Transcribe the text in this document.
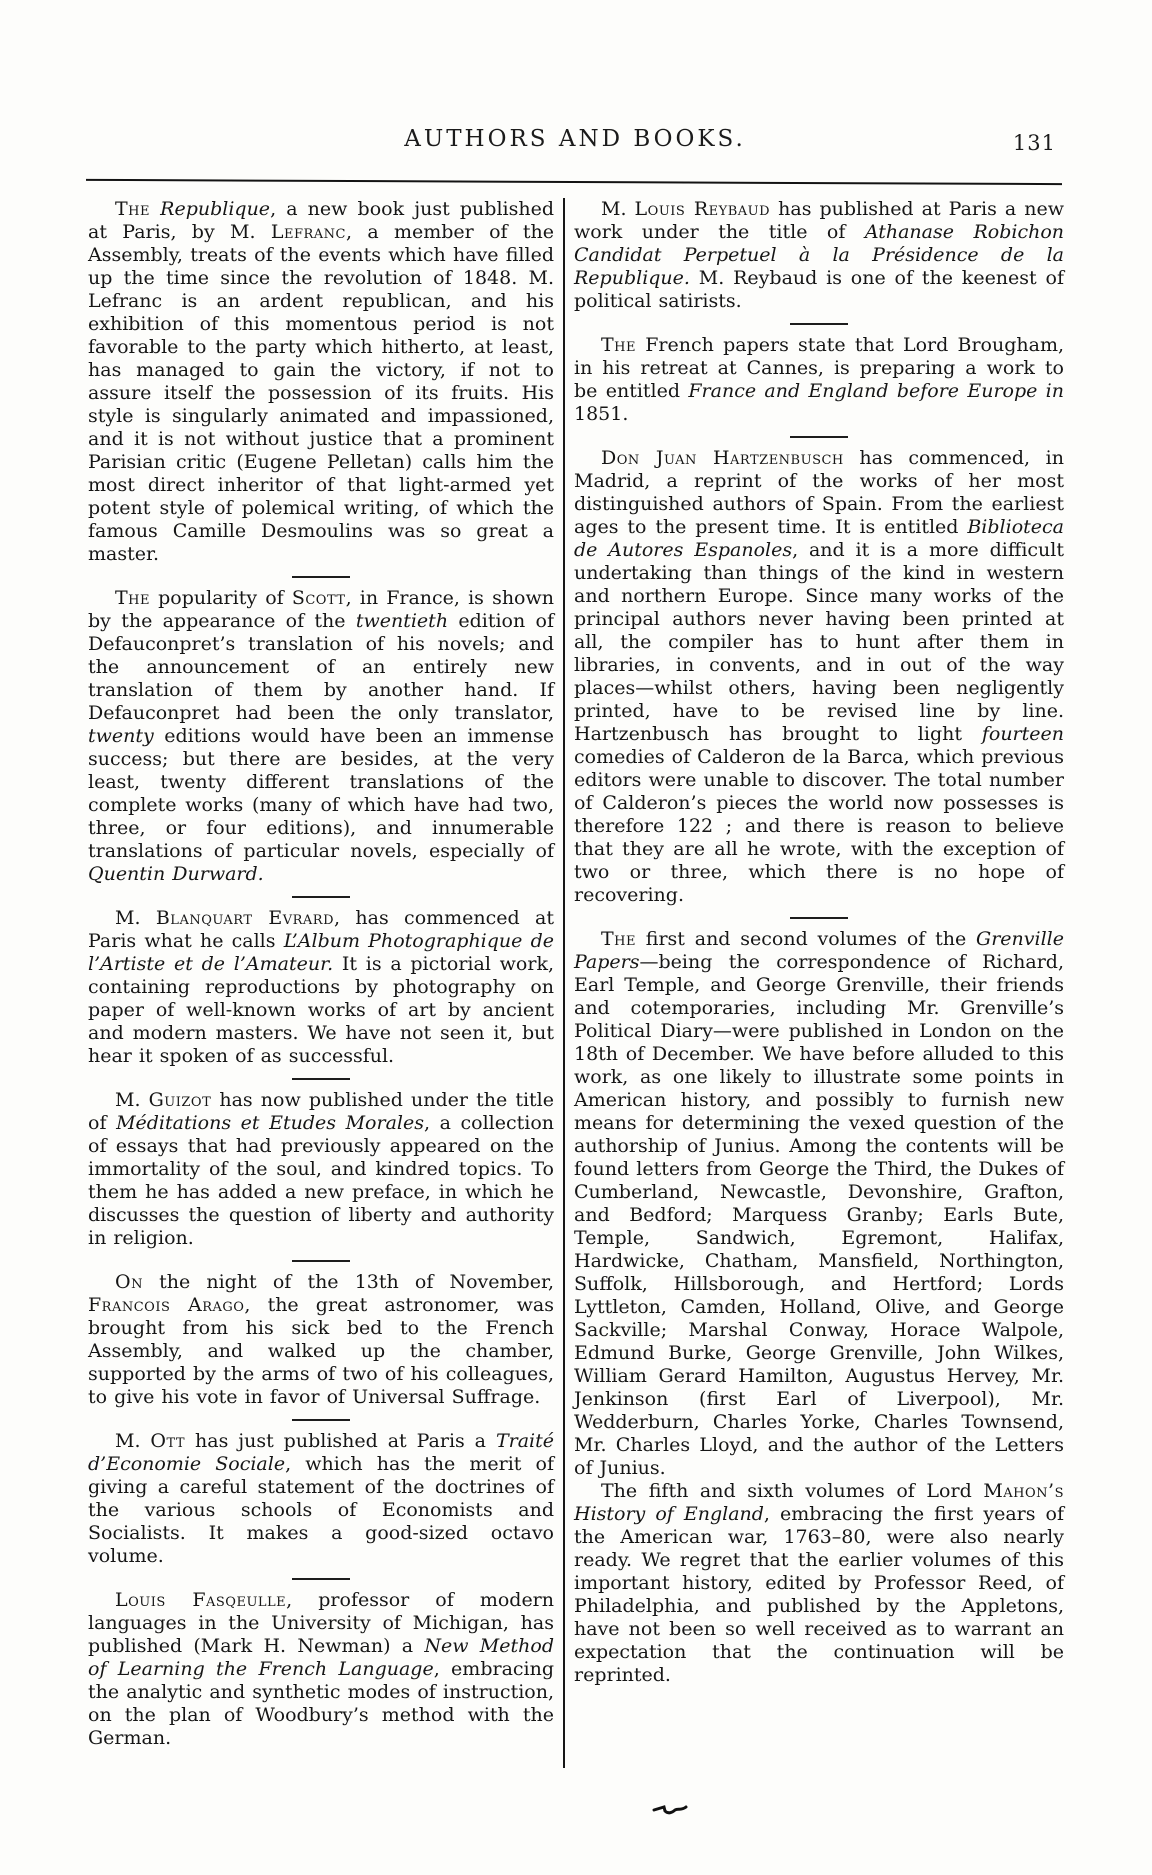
AUTHORS AND BOOKS.	131

The Republique, a new book just published at Paris, by M. Lefranc, a member of the Assembly, treats of the events which have filled up the time since the revolution of 1848. M. Lefranc is an ardent republican, and his exhibition of this momentous period is not favorable to the party which hitherto, at least, has managed to gain the victory, if not to assure itself the possession of its fruits. His style is singularly animated and impassioned, and it is not without justice that a prominent Parisian critic (Eugene Pelletan) calls him the most direct inheritor of that light-armed yet potent style of polemical writing, of which the famous Camille Desmoulins was so great a master.

The popularity of Scott, in France, is shown by the appearance of the twentieth edition of Defauconpret’s translation of his novels; and the announcement of an entirely new translation of them by another hand. If Defauconpret had been the only translator, twenty editions would have been an immense success; but there are besides, at the very least, twenty different translations of the complete works (many of which have had two, three, or four editions), and innumerable translations of particular novels, especially of Quentin Durward.

M. Blanquart Evrard, has commenced at Paris what he calls L’Album Photographique de l’Artiste et de l’Amateur. It is a pictorial work, containing reproductions by photography on paper of well-known works of art by ancient and modern masters. We have not seen it, but hear it spoken of as successful.

M. Guizot has now published under the title of Méditations et Etudes Morales, a collection of essays that had previously appeared on the immortality of the soul, and kindred topics. To them he has added a new preface, in which he discusses the question of liberty and authority in religion.

On the night of the 13th of November, Francois Arago, the great astronomer, was brought from his sick bed to the French Assembly, and walked up the chamber, supported by the arms of two of his colleagues, to give his vote in favor of Universal Suffrage.

M. Ott has just published at Paris a Traité d’Economie Sociale, which has the merit of giving a careful statement of the doctrines of the various schools of Economists and Socialists. It makes a good-sized octavo volume.

Louis Fasqeulle, professor of modern languages in the University of Michigan, has published (Mark H. Newman) a New Method of Learning the French Language, embracing the analytic and synthetic modes of instruction, on the plan of Woodbury’s method with the German.

M. Louis Reybaud has published at Paris a new work under the title of Athanase Robichon Candidat Perpetuel à la Présidence de la Republique. M. Reybaud is one of the keenest of political satirists.

The French papers state that Lord Brougham, in his retreat at Cannes, is preparing a work to be entitled France and England before Europe in 1851.

Don Juan Hartzenbusch has commenced, in Madrid, a reprint of the works of her most distinguished authors of Spain. From the earliest ages to the present time. It is entitled Biblioteca de Autores Espanoles, and it is a more difficult undertaking than things of the kind in western and northern Europe. Since many works of the principal authors never having been printed at all, the compiler has to hunt after them in libraries, in convents, and in out of the way places—whilst others, having been negligently printed, have to be revised line by line. Hartzenbusch has brought to light fourteen comedies of Calderon de la Barca, which previous editors were unable to discover. The total number of Calderon’s pieces the world now possesses is therefore 122 ; and there is reason to believe that they are all he wrote, with the exception of two or three, which there is no hope of recovering.

The first and second volumes of the Grenville Papers—being the correspondence of Richard, Earl Temple, and George Grenville, their friends and cotemporaries, including Mr. Grenville’s Political Diary—were published in London on the 18th of December. We have before alluded to this work, as one likely to illustrate some points in American history, and possibly to furnish new means for determining the vexed question of the authorship of Junius. Among the contents will be found letters from George the Third, the Dukes of Cumberland, Newcastle, Devonshire, Grafton, and Bedford; Marquess Granby; Earls Bute, Temple, Sandwich, Egremont, Halifax, Hardwicke, Chatham, Mansfield, Northington, Suffolk, Hillsborough, and Hertford; Lords Lyttleton, Camden, Holland, Olive, and George Sackville; Marshal Conway, Horace Walpole, Edmund Burke, George Grenville, John Wilkes, William Gerard Hamilton, Augustus Hervey, Mr. Jenkinson (first Earl of Liverpool), Mr. Wedderburn, Charles Yorke, Charles Townsend, Mr. Charles Lloyd, and the author of the Letters of Junius.

The fifth and sixth volumes of Lord Mahon’s History of England, embracing the first years of the American war, 1763–80, were also nearly ready. We regret that the earlier volumes of this important history, edited by Professor Reed, of Philadelphia, and published by the Appletons, have not been so well received as to warrant an expectation that the continuation will be reprinted.
